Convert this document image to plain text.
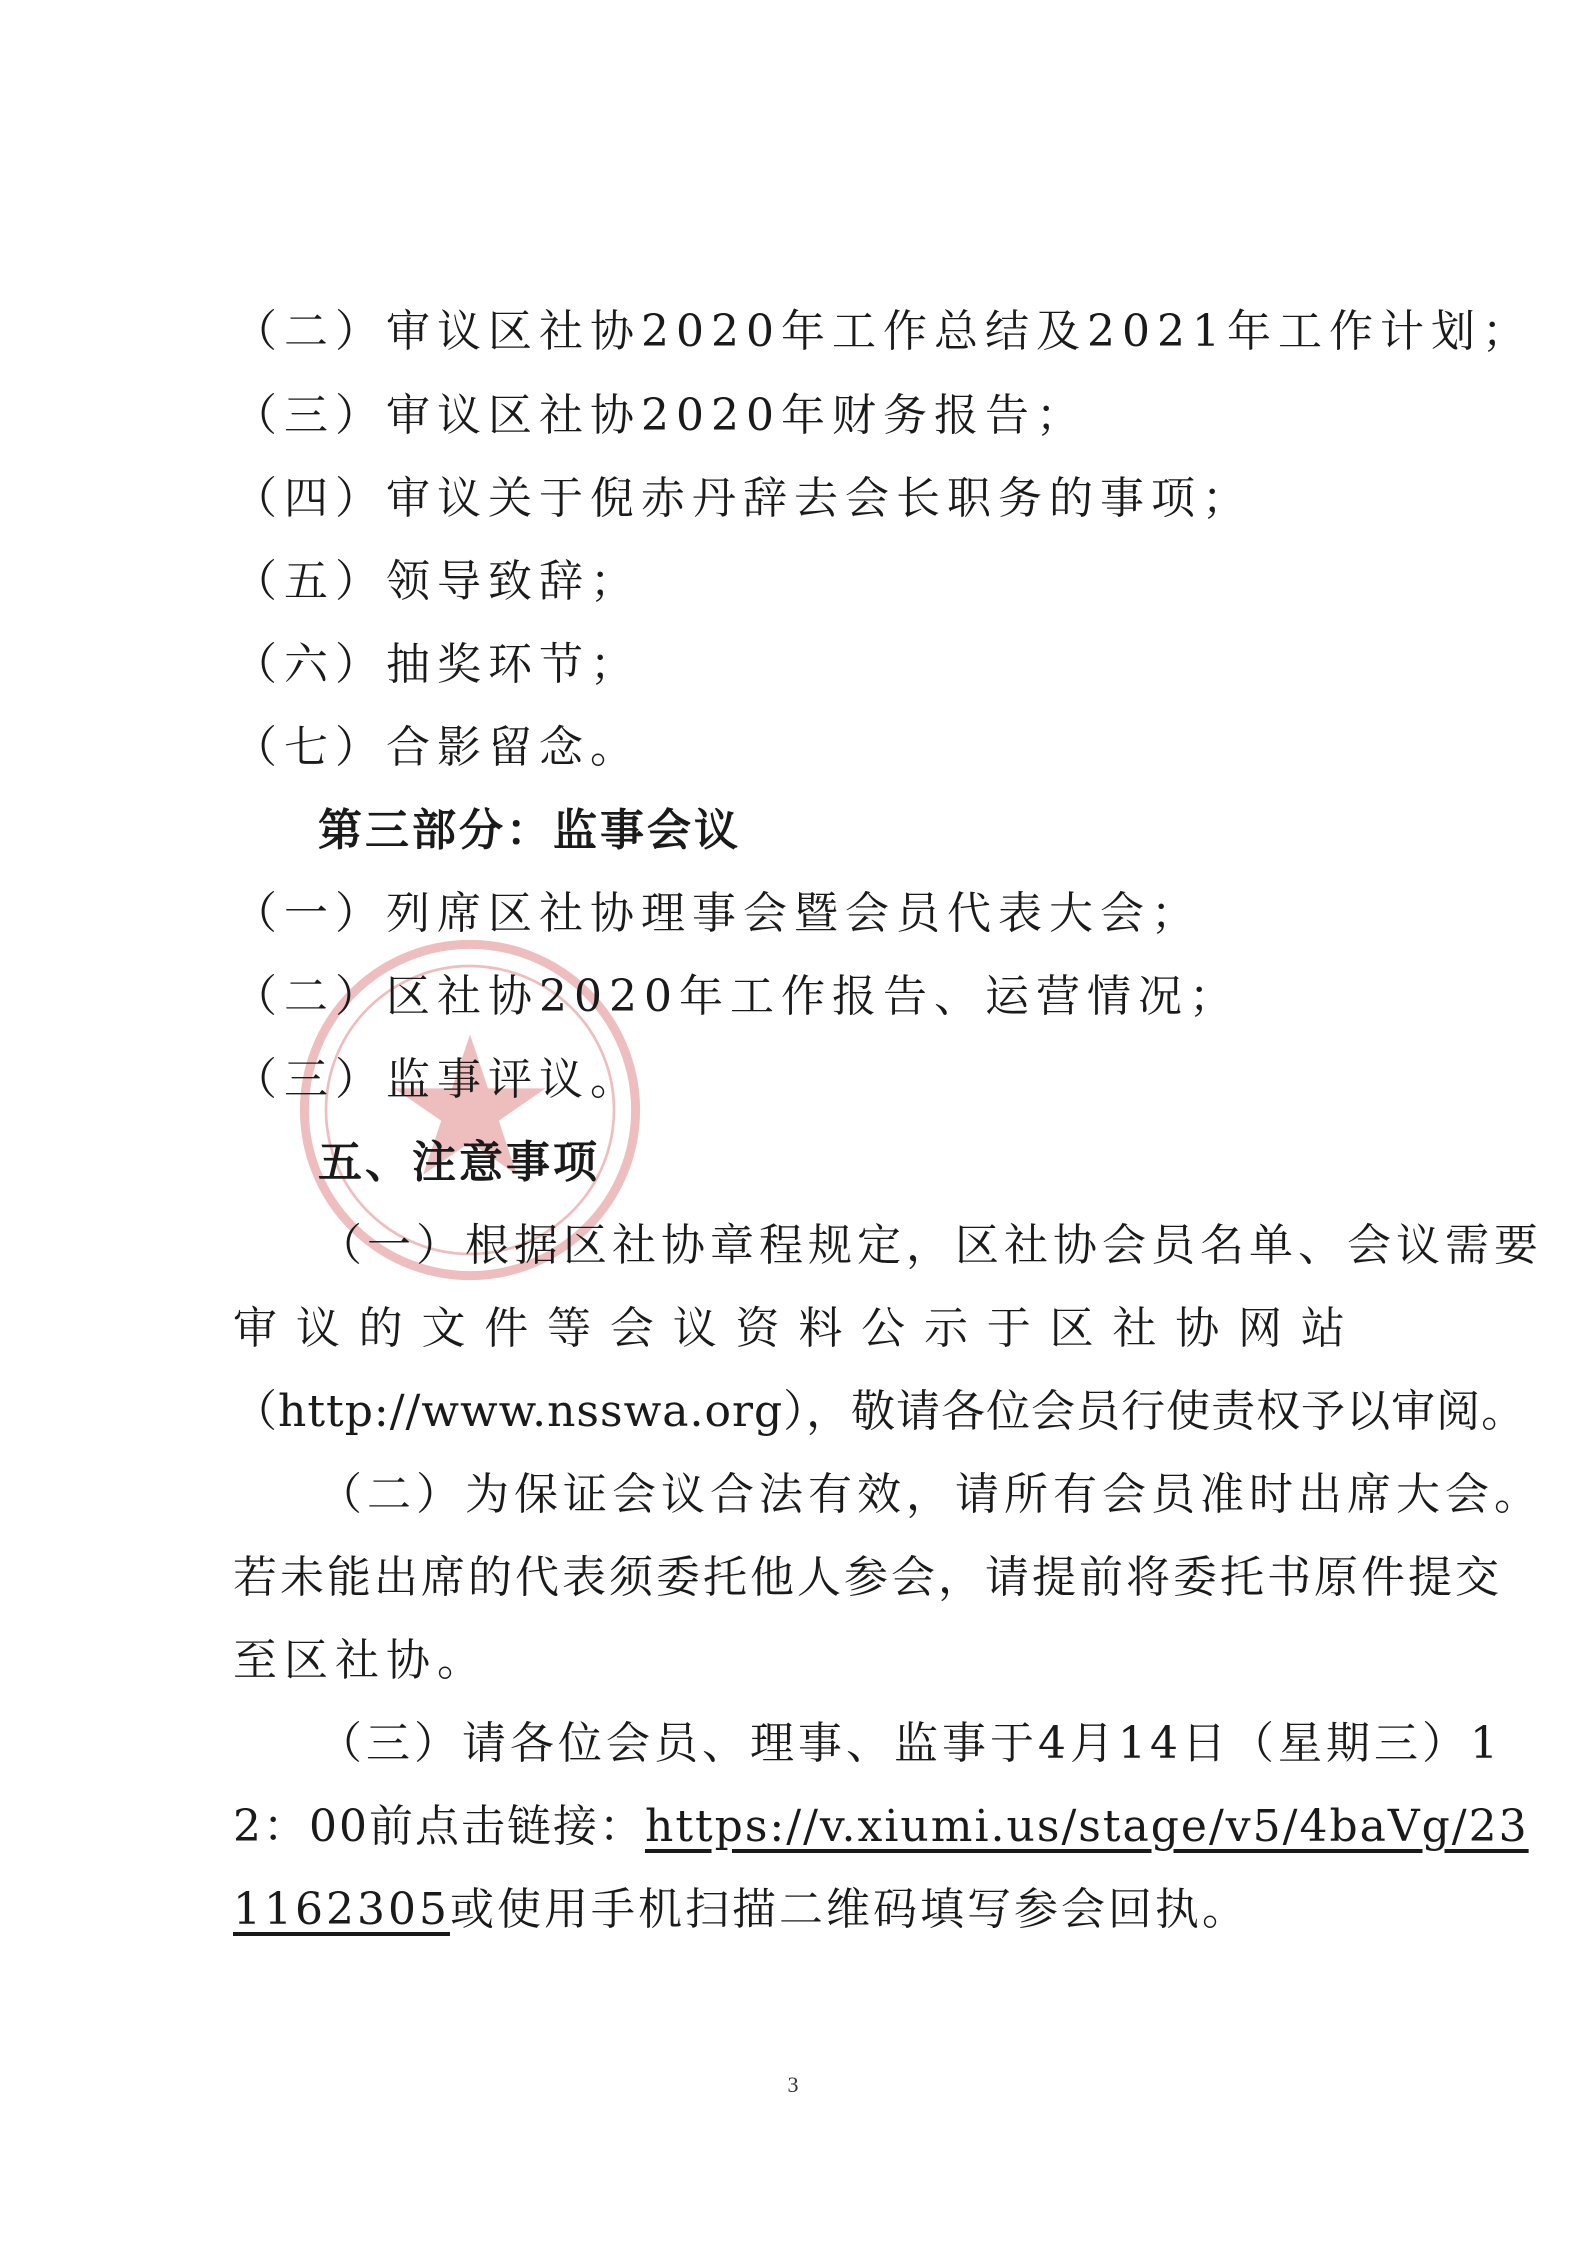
（二）审议区社协2020年工作总结及2021年工作计划；
（三）审议区社协2020年财务报告；
（四）审议关于倪赤丹辞去会长职务的事项；
（五）领导致辞；
（六）抽奖环节；
（七）合影留念。
第三部分：监事会议
（一）列席区社协理事会暨会员代表大会；
（二）区社协2020年工作报告、运营情况；
（三）监事评议。
五、注意事项
（一）根据区社协章程规定，区社协会员名单、会议需要
审 议 的 文 件 等 会 议 资 料 公 示 于 区 社 协 网 站
（http://www.nsswa.org），敬请各位会员行使责权予以审阅。
（二）为保证会议合法有效，请所有会员准时出席大会。
若未能出席的代表须委托他人参会，请提前将委托书原件提交
至区社协。
（三）请各位会员、理事、监事于4月14日（星期三）1
2：00前点击链接：https://v.xiumi.us/stage/v5/4baVg/23
1162305或使用手机扫描二维码填写参会回执。
3
